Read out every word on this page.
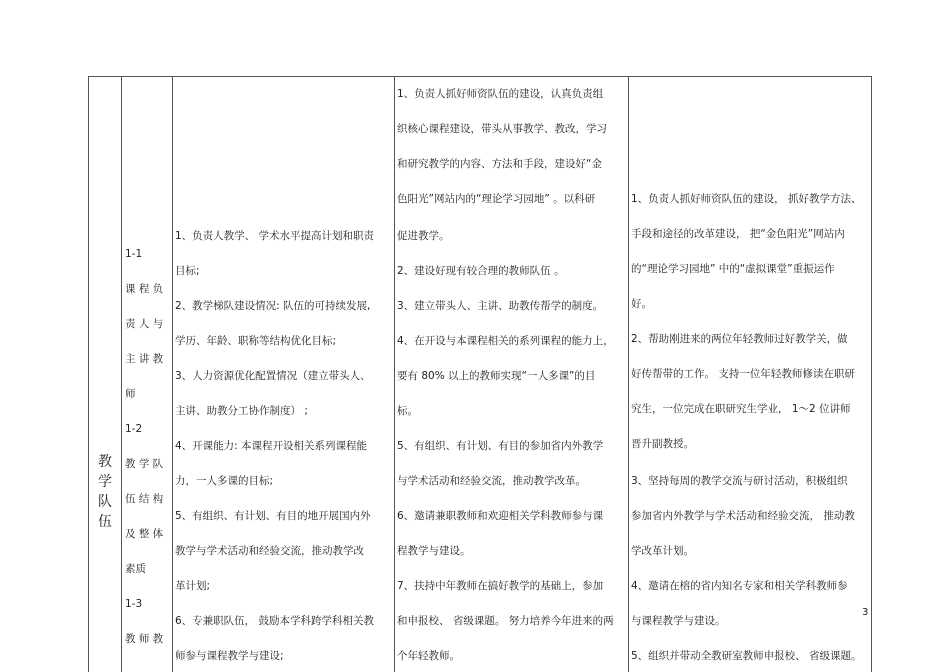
教
学
队
伍
1-1
课 程 负
责 人 与
主 讲 教
师
1-2
教 学 队
伍 结 构
及 整 体
素质
1-3
教 师 教
1、负责人教学、 学术水平提高计划和职责
目标;
2、教学梯队建设情况: 队伍的可持续发展,
学历、年龄、职称等结构优化目标;
3、人力资源优化配置情况（建立带头人、
主讲、助教分工协作制度） ;
4、开课能力: 本课程开设相关系列课程能
力，一人多课的目标;
5、有组织、有计划、有目的地开展国内外
教学与学术活动和经验交流，推动教学改
革计划;
6、专兼职队伍， 鼓励本学科跨学科相关教
师参与课程教学与建设;
1、负责人抓好师资队伍的建设，认真负责组
织核心课程建设，带头从事教学、教改，学习
和研究教学的内容、方法和手段，建设好“金
色阳光”网站内的“理论学习园地” 。以科研
促进教学。
2、建设好现有较合理的教师队伍 。
3、建立带头人、主讲、助教传帮学的制度。
4、在开设与本课程相关的系列课程的能力上，
要有 80% 以上的教师实现“一人多课”的目
标。
5、有组织、有计划、有目的参加省内外教学
与学术活动和经验交流，推动教学改革。
6、邀请兼职教师和欢迎相关学科教师参与课
程教学与建设。
7、扶持中年教师在搞好教学的基础上，参加
和申报校、 省级课题。 努力培养今年进来的两
个年轻教师。
1、负责人抓好师资队伍的建设， 抓好教学方法、
手段和途径的改革建设， 把“金色阳光”网站内
的“理论学习园地” 中的“虚拟课堂”重振运作
好。
2、帮助刚进来的两位年轻教师过好教学关，做
好传帮带的工作。 支持一位年轻教师修读在职研
究生，一位完成在职研究生学业， 1～2 位讲师
晋升副教授。
3、坚持每周的教学交流与研讨活动，积极组织
参加省内外教学与学术活动和经验交流， 推动教
学改革计划。
4、邀请在榕的省内知名专家和相关学科教师参
与课程教学与建设。
5、组织并带动全教研室教师申报校、 省级课题。
3
